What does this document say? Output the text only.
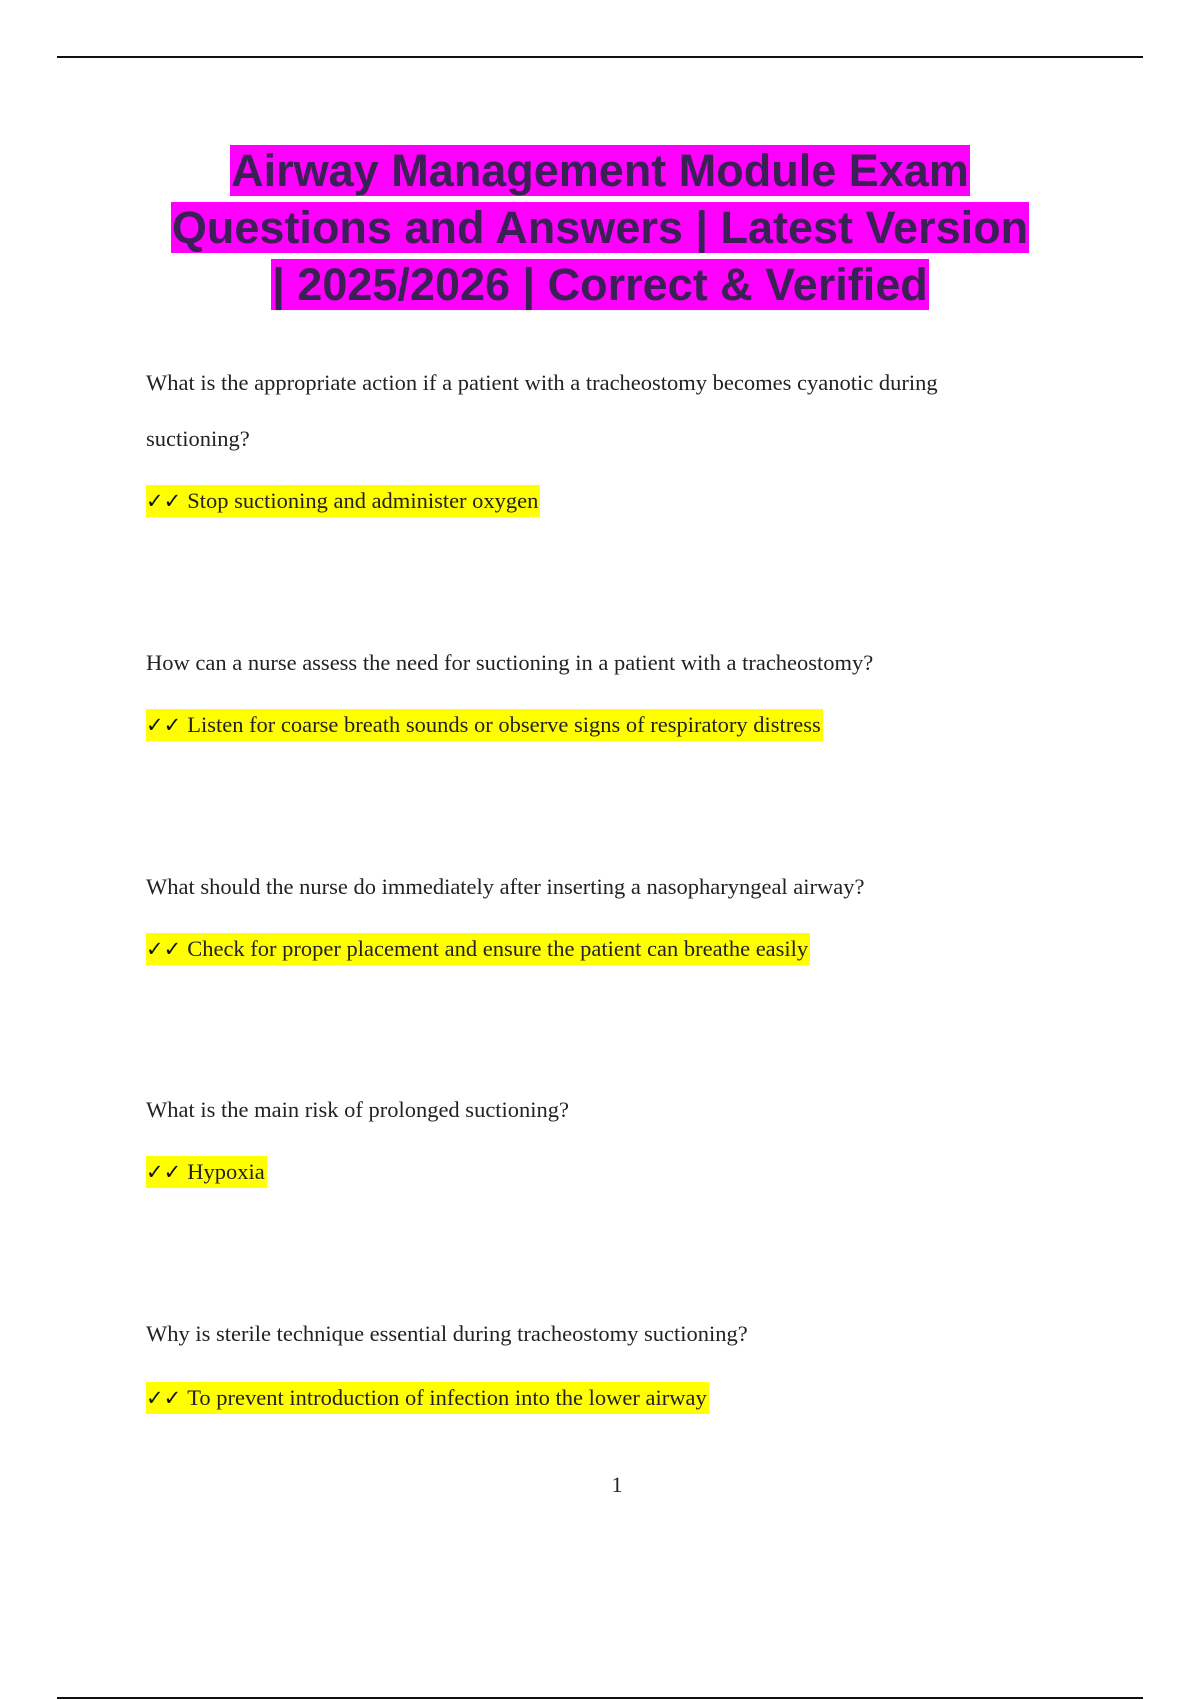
Airway Management Module Exam
Questions and Answers | Latest Version
| 2025/2026 | Correct & Verified

What is the appropriate action if a patient with a tracheostomy becomes cyanotic during suctioning?

✓✓ Stop suctioning and administer oxygen

How can a nurse assess the need for suctioning in a patient with a tracheostomy?

✓✓ Listen for coarse breath sounds or observe signs of respiratory distress

What should the nurse do immediately after inserting a nasopharyngeal airway?

✓✓ Check for proper placement and ensure the patient can breathe easily

What is the main risk of prolonged suctioning?

✓✓ Hypoxia

Why is sterile technique essential during tracheostomy suctioning?

✓✓ To prevent introduction of infection into the lower airway

1
